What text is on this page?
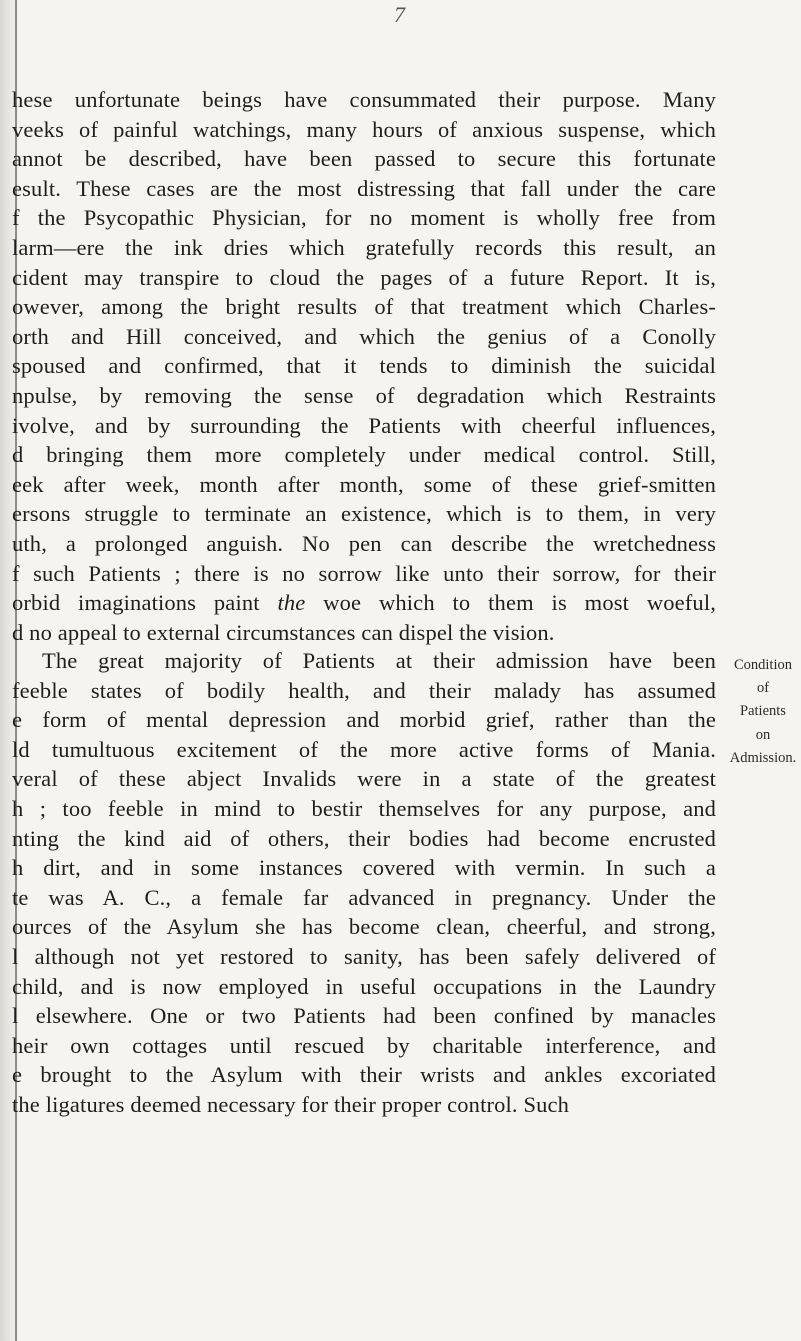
7
hese unfortunate beings have consummated their purpose. Many
veeks of painful watchings, many hours of anxious suspense, which
annot be described, have been passed to secure this fortunate
esult. These cases are the most distressing that fall under the care
f the Psycopathic Physician, for no moment is wholly free from
larm—ere the ink dries which gratefully records this result, an
cident may transpire to cloud the pages of a future Report. It is,
owever, among the bright results of that treatment which Charles-
orth and Hill conceived, and which the genius of a Conolly
spoused and confirmed, that it tends to diminish the suicidal
npulse, by removing the sense of degradation which Restraints
ivolve, and by surrounding the Patients with cheerful influences,
d bringing them more completely under medical control. Still,
eek after week, month after month, some of these grief-smitten
ersons struggle to terminate an existence, which is to them, in very
uth, a prolonged anguish. No pen can describe the wretchedness
f such Patients ; there is no sorrow like unto their sorrow, for their
orbid imaginations paint the woe which to them is most woeful,
d no appeal to external circumstances can dispel the vision.
The great majority of Patients at their admission have been
feeble states of bodily health, and their malady has assumed
e form of mental depression and morbid grief, rather than the
ld tumultuous excitement of the more active forms of Mania.
veral of these abject Invalids were in a state of the greatest
h ; too feeble in mind to bestir themselves for any purpose, and
nting the kind aid of others, their bodies had become encrusted
h dirt, and in some instances covered with vermin. In such a
te was A. C., a female far advanced in pregnancy. Under the
ources of the Asylum she has become clean, cheerful, and strong,
l although not yet restored to sanity, has been safely delivered of
child, and is now employed in useful occupations in the Laundry
l elsewhere. One or two Patients had been confined by manacles
heir own cottages until rescued by charitable interference, and
e brought to the Asylum with their wrists and ankles excoriated
the ligatures deemed necessary for their proper control. Such
Condition
of
Patients
on
Admission.
